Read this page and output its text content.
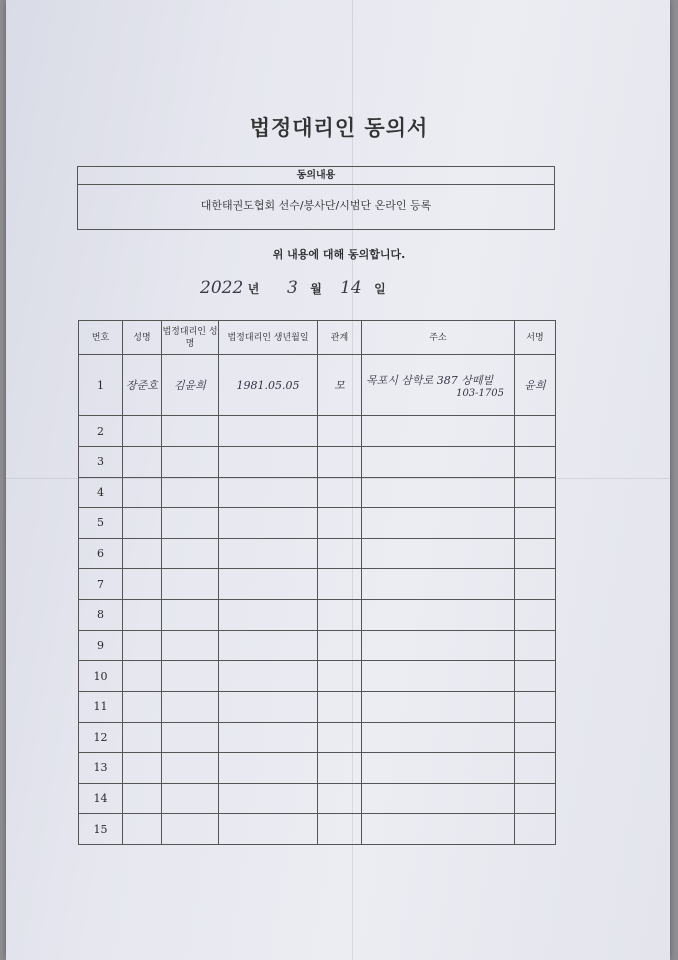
법정대리인 동의서
동의내용
대한태권도협회 선수/봉사단/시범단 온라인 등록
위 내용에 대해 동의합니다.
2022 년 3 월 14 일
번호	성명	법정대리인 성명	법정대리인 생년월일	관계	주소	서명
1	장준호	김윤희	1981.05.05	모	목포시 삼학로 387 상떼빌
103-1705	윤희
2					

3					

4					

5					

6					

7					

8					

9					

10					

11					

12					

13					

14					

15					
